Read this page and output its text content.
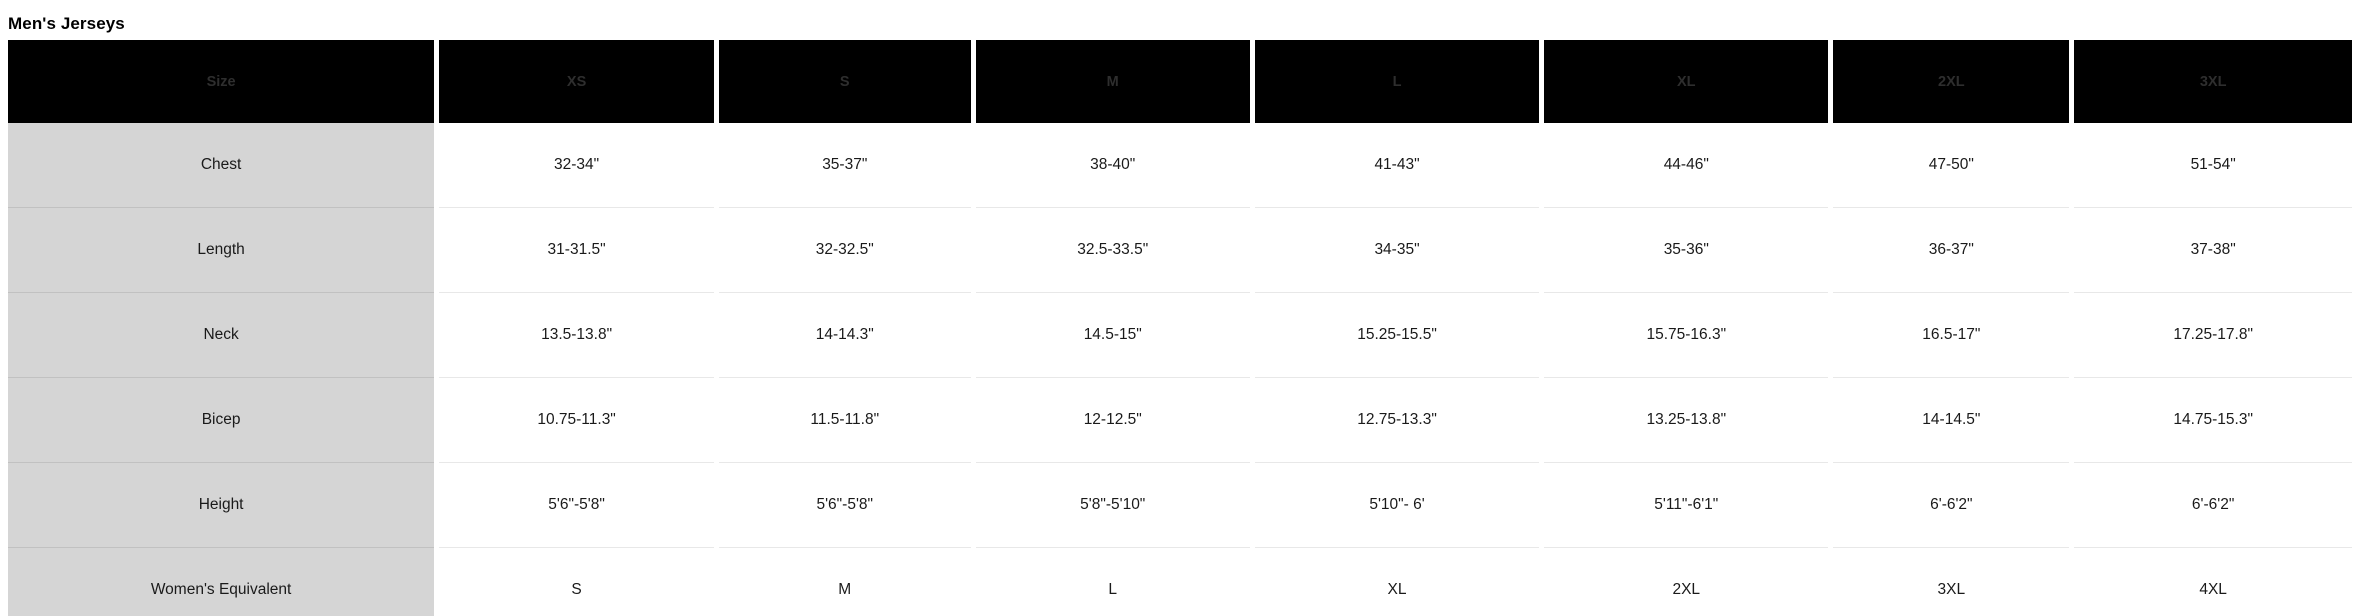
Men's Jerseys
Size	XS	S	M	L	XL	2XL	3XL
Chest	32-34"	35-37"	38-40"	41-43"	44-46"	47-50"	51-54"
Length	31-31.5"	32-32.5"	32.5-33.5"	34-35"	35-36"	36-37"	37-38"
Neck	13.5-13.8"	14-14.3"	14.5-15"	15.25-15.5"	15.75-16.3"	16.5-17"	17.25-17.8"
Bicep	10.75-11.3"	11.5-11.8"	12-12.5"	12.75-13.3"	13.25-13.8"	14-14.5"	14.75-15.3"
Height	5'6"-5'8"	5'6"-5'8"	5'8"-5'10"	5'10"- 6'	5'11"-6'1"	6'-6'2"	6'-6'2"
Women's Equivalent	S	M	L	XL	2XL	3XL	4XL
